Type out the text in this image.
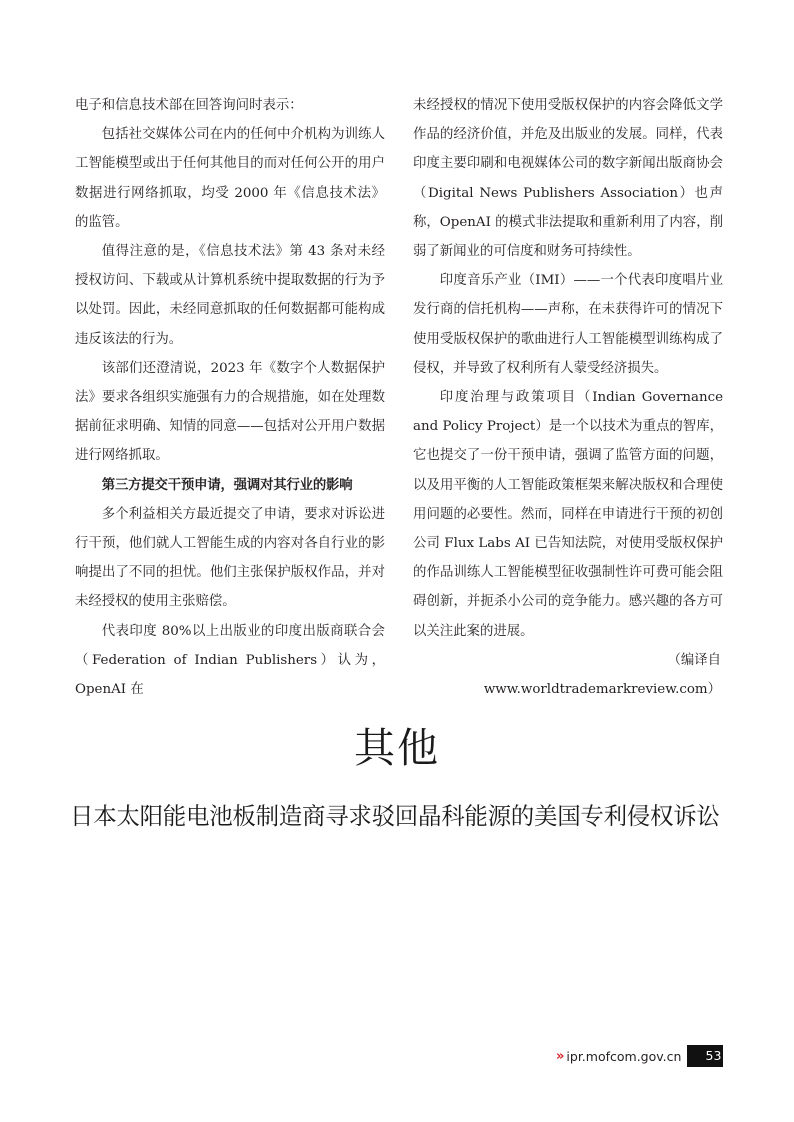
电子和信息技术部在回答询问时表示：

包括社交媒体公司在内的任何中介机构为训练人工智能模型或出于任何其他目的而对任何公开的用户数据进行网络抓取，均受 2000 年《信息技术法》的监管。

值得注意的是，《信息技术法》第 43 条对未经授权访问、下载或从计算机系统中提取数据的行为予以处罚。因此，未经同意抓取的任何数据都可能构成违反该法的行为。

该部们还澄清说，2023 年《数字个人数据保护法》要求各组织实施强有力的合规措施，如在处理数据前征求明确、知情的同意——包括对公开用户数据进行网络抓取。

第三方提交干预申请，强调对其行业的影响

多个利益相关方最近提交了申请，要求对诉讼进行干预，他们就人工智能生成的内容对各自行业的影响提出了不同的担忧。他们主张保护版权作品，并对未经授权的使用主张赔偿。

代表印度 80%以上出版业的印度出版商联合会（Federation of Indian Publishers）认为，OpenAI 在

未经授权的情况下使用受版权保护的内容会降低文学作品的经济价值，并危及出版业的发展。同样，代表印度主要印刷和电视媒体公司的数字新闻出版商协会（Digital News Publishers Association）也声称，OpenAI 的模式非法提取和重新利用了内容，削弱了新闻业的可信度和财务可持续性。

印度音乐产业（IMI）——一个代表印度唱片业发行商的信托机构——声称，在未获得许可的情况下使用受版权保护的歌曲进行人工智能模型训练构成了侵权，并导致了权利所有人蒙受经济损失。

印度治理与政策项目（Indian Governance and Policy Project）是一个以技术为重点的智库，它也提交了一份干预申请，强调了监管方面的问题，以及用平衡的人工智能政策框架来解决版权和合理使用问题的必要性。然而，同样在申请进行干预的初创公司 Flux Labs AI 已告知法院，对使用受版权保护的作品训练人工智能模型征收强制性许可费可能会阻碍创新，并扼杀小公司的竞争能力。感兴趣的各方可以关注此案的进展。

（编译自 www.worldtrademarkreview.com）

其他
日本太阳能电池板制造商寻求驳回晶科能源的美国专利侵权诉讼
» ipr.mofcom.gov.cn	53
